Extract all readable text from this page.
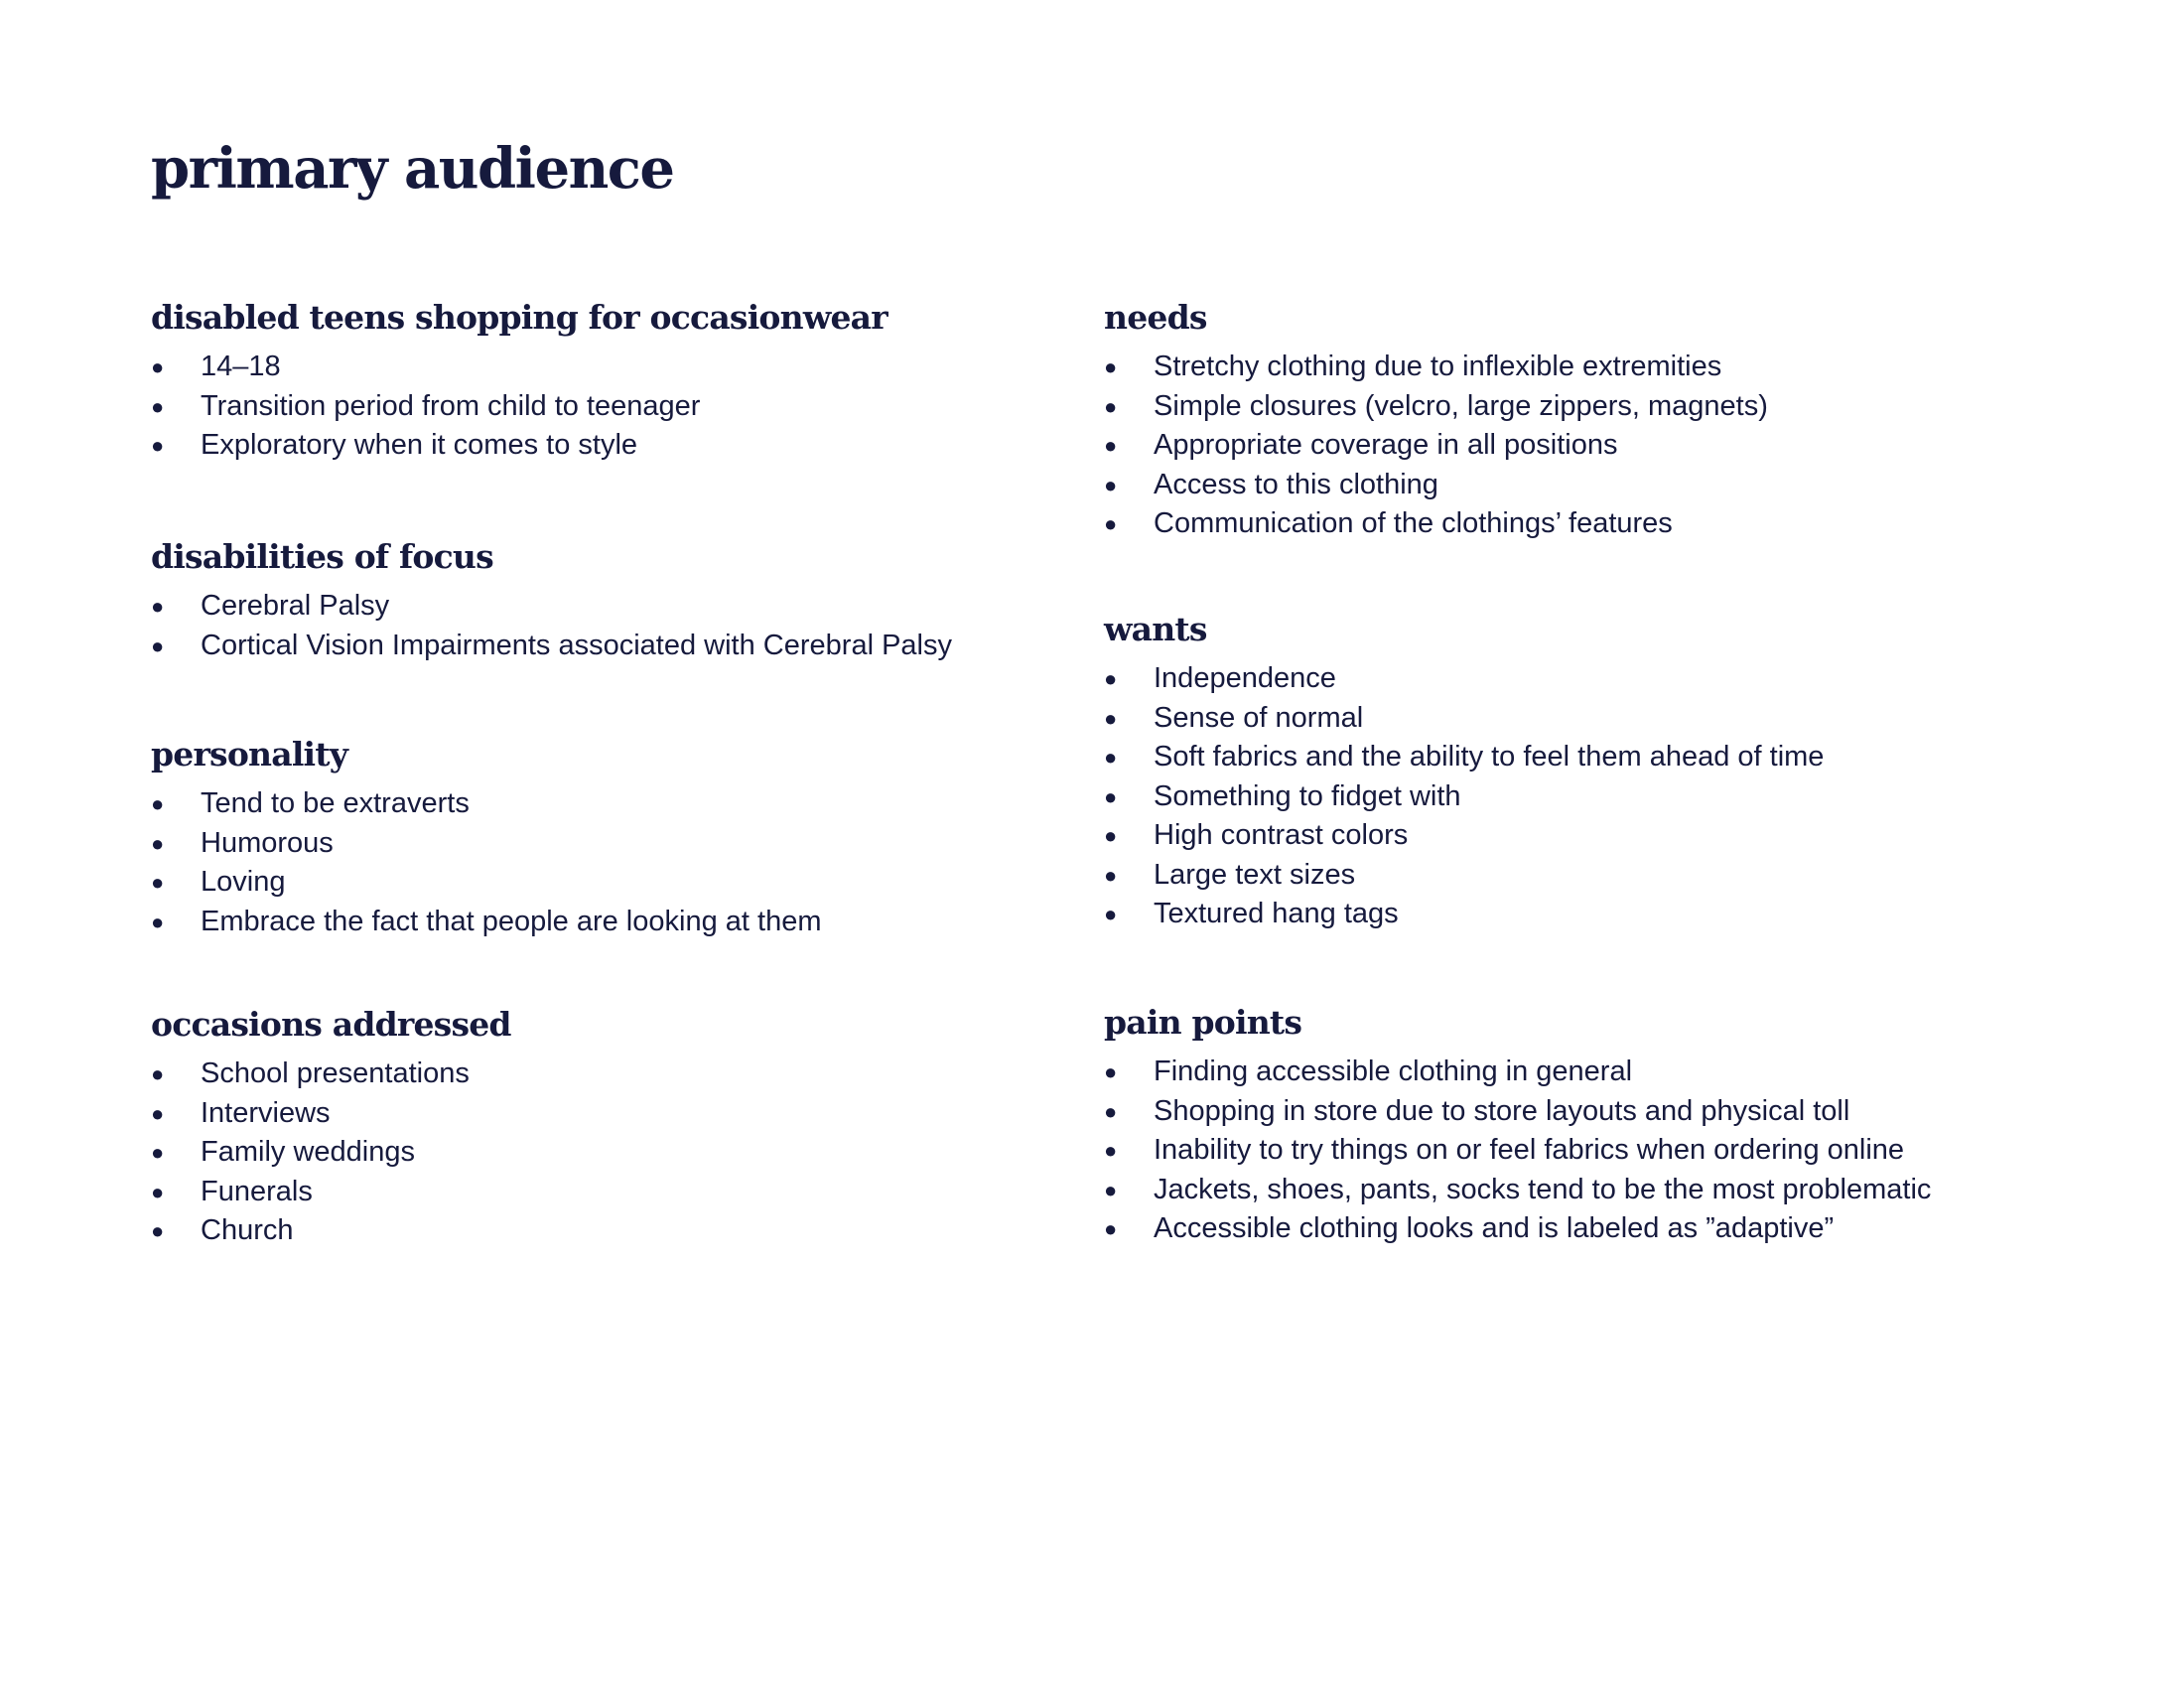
primary audience
disabled teens shopping for occasionwear
●	14–18
●	Transition period from child to teenager
●	Exploratory when it comes to style
disabilities of focus
●	Cerebral Palsy
●	Cortical Vision Impairments associated with Cerebral Palsy
personality
●	Tend to be extraverts
●	Humorous
●	Loving
●	Embrace the fact that people are looking at them
occasions addressed
●	School presentations
●	Interviews
●	Family weddings
●	Funerals
●	Church
needs
●	Stretchy clothing due to inflexible extremities
●	Simple closures (velcro, large zippers, magnets)
●	Appropriate coverage in all positions
●	Access to this clothing
●	Communication of the clothings’ features
wants
●	Independence
●	Sense of normal
●	Soft fabrics and the ability to feel them ahead of time
●	Something to fidget with
●	High contrast colors
●	Large text sizes
●	Textured hang tags
pain points
●	Finding accessible clothing in general
●	Shopping in store due to store layouts and physical toll
●	Inability to try things on or feel fabrics when ordering online
●	Jackets, shoes, pants, socks tend to be the most problematic
●	Accessible clothing looks and is labeled as ”adaptive”
